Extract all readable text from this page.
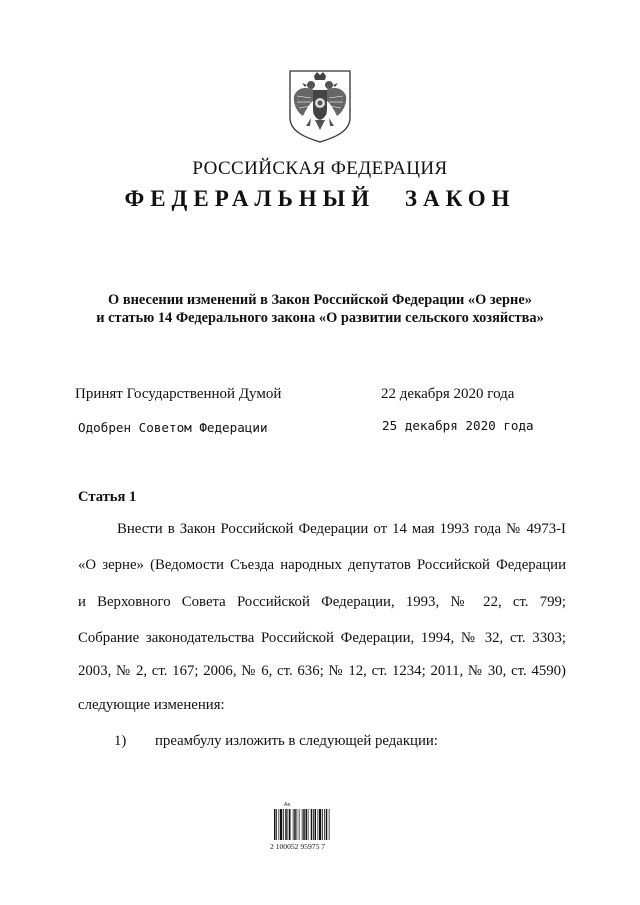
РОССИЙСКАЯ ФЕДЕРАЦИЯ
ФЕДЕРАЛЬНЫЙ ЗАКОН
О внесении изменений в Закон Российской Федерации «О зерне»
и статью 14 Федерального закона «О развитии сельского хозяйства»
Принят Государственной Думой	22 декабря 2020 года
Одобрен Советом Федерации	25 декабря 2020 года
Статья 1
Внести в Закон Российской Федерации от 14 мая 1993 года № 4973-I
«О зерне» (Ведомости Съезда народных депутатов Российской Федерации
и Верховного Совета Российской Федерации, 1993, № 22, ст. 799;
Собрание законодательства Российской Федерации, 1994, № 32, ст. 3303;
2003, № 2, ст. 167; 2006, № 6, ст. 636; № 12, ст. 1234; 2011, № 30, ст. 4590)
следующие изменения:
1) преамбулу изложить в следующей редакции:
Ae
2 100052 95975 7
